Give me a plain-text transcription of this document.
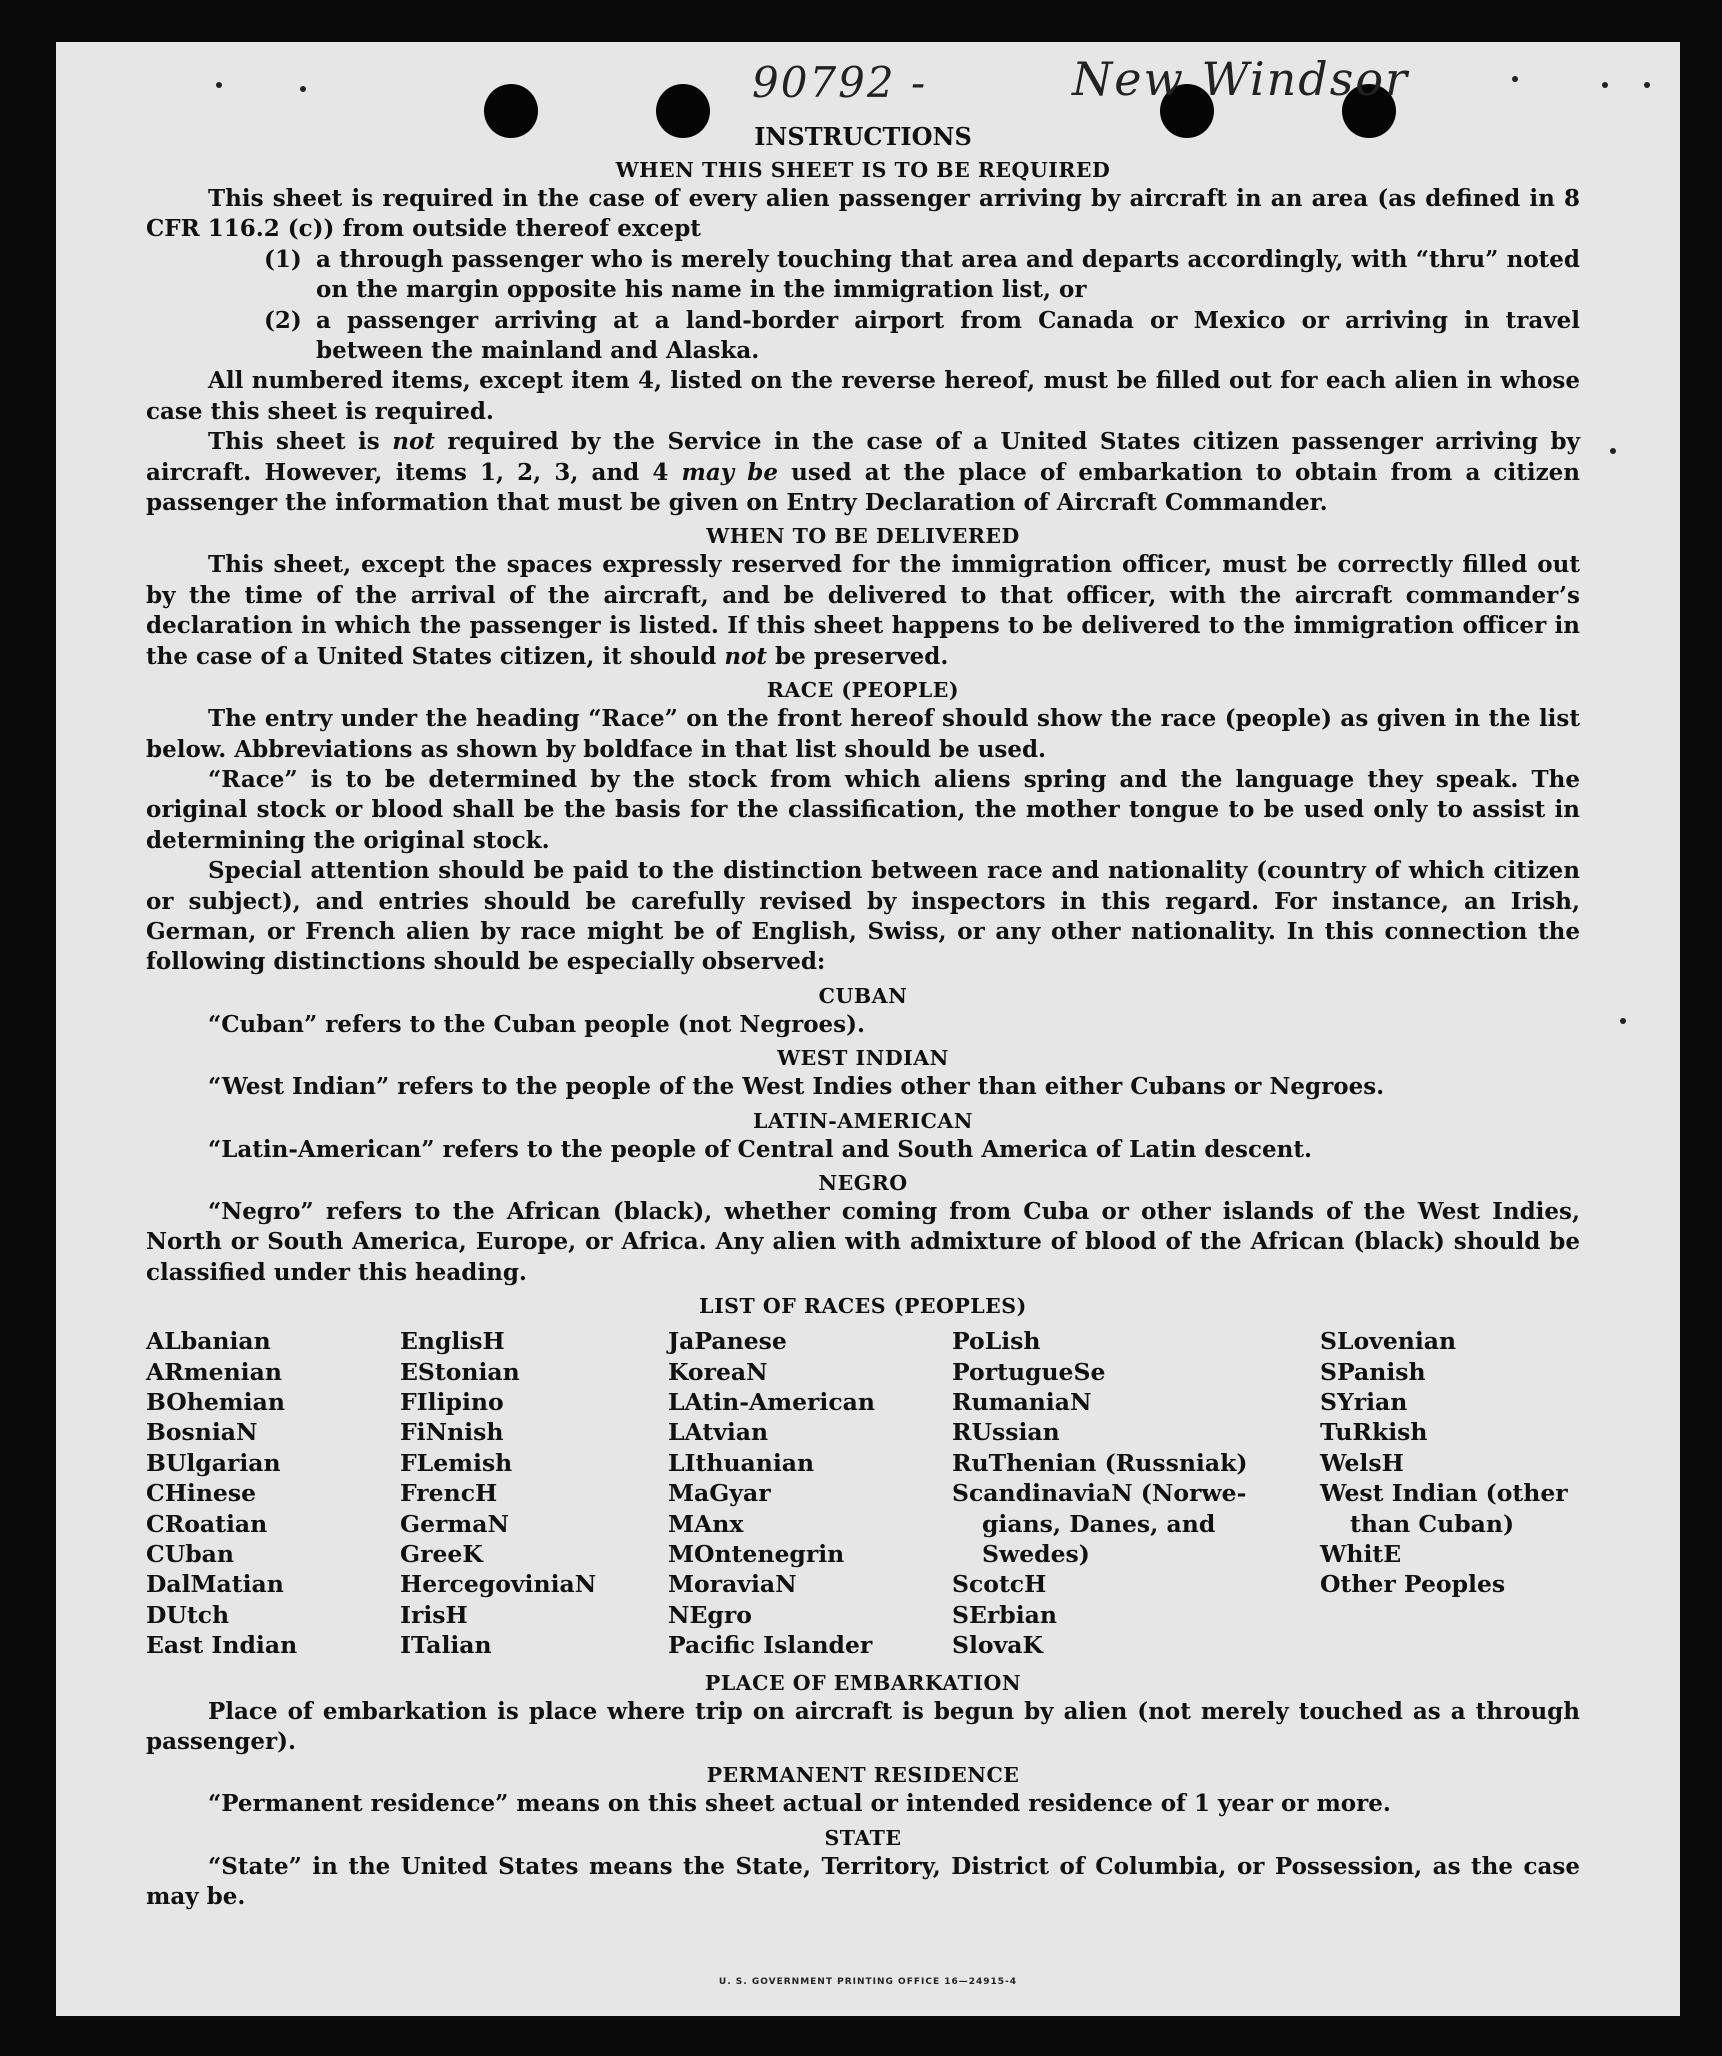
90792 -	New Windsor
U. S. GOVERNMENT PRINTING OFFICE 16—24915-4
INSTRUCTIONS
WHEN THIS SHEET IS TO BE REQUIRED

This sheet is required in the case of every alien passenger arriving by aircraft in an area (as defined in 8 CFR 116.2 (c)) from outside thereof except

(1) a through passenger who is merely touching that area and departs accordingly, with “thru” noted on the margin opposite his name in the immigration list, or
(2) a passenger arriving at a land-border airport from Canada or Mexico or arriving in travel between the mainland and Alaska.

All numbered items, except item 4, listed on the reverse hereof, must be filled out for each alien in whose case this sheet is required.

This sheet is not required by the Service in the case of a United States citizen passenger arriving by aircraft. However, items 1, 2, 3, and 4 may be used at the place of embarkation to obtain from a citizen passenger the information that must be given on Entry Declaration of Aircraft Commander.

WHEN TO BE DELIVERED

This sheet, except the spaces expressly reserved for the immigration officer, must be correctly filled out by the time of the arrival of the aircraft, and be delivered to that officer, with the aircraft commander’s declaration in which the passenger is listed. If this sheet happens to be delivered to the immigration officer in the case of a United States citizen, it should not be preserved.

RACE (PEOPLE)

The entry under the heading “Race” on the front hereof should show the race (people) as given in the list below. Abbreviations as shown by boldface in that list should be used.

“Race” is to be determined by the stock from which aliens spring and the language they speak. The original stock or blood shall be the basis for the classification, the mother tongue to be used only to assist in determining the original stock.

Special attention should be paid to the distinction between race and nationality (country of which citizen or subject), and entries should be carefully revised by inspectors in this regard. For instance, an Irish, German, or French alien by race might be of English, Swiss, or any other nationality. In this connection the following distinctions should be especially observed:

CUBAN

“Cuban” refers to the Cuban people (not Negroes).

WEST INDIAN

“West Indian” refers to the people of the West Indies other than either Cubans or Negroes.

LATIN-AMERICAN

“Latin-American” refers to the people of Central and South America of Latin descent.

NEGRO

“Negro” refers to the African (black), whether coming from Cuba or other islands of the West Indies, North or South America, Europe, or Africa. Any alien with admixture of blood of the African (black) should be classified under this heading.

LIST OF RACES (PEOPLES)
ALbanian
ARmenian
BOhemian
BosniaN
BUlgarian
CHinese
CRoatian
CUban
DalMatian
DUtch
East Indian
EnglisH
EStonian
FIlipino
FiNnish
FLemish
FrencH
GermaN
GreeK
HercegoviniaN
IrisH
ITalian
JaPanese
KoreaN
LAtin-American
LAtvian
LIthuanian
MaGyar
MAnx
MOntenegrin
MoraviaN
NEgro
Pacific Islander
PoLish
PortugueSe
RumaniaN
RUssian
RuThenian (Russniak)
ScandinaviaN (Norwe-
gians, Danes, and
Swedes)
ScotcH
SErbian
SlovaK
SLovenian
SPanish
SYrian
TuRkish
WelsH
West Indian (other
than Cuban)
WhitE
Other Peoples
PLACE OF EMBARKATION

Place of embarkation is place where trip on aircraft is begun by alien (not merely touched as a through passenger).

PERMANENT RESIDENCE

“Permanent residence” means on this sheet actual or intended residence of 1 year or more.

STATE

“State” in the United States means the State, Territory, District of Columbia, or Possession, as the case may be.
